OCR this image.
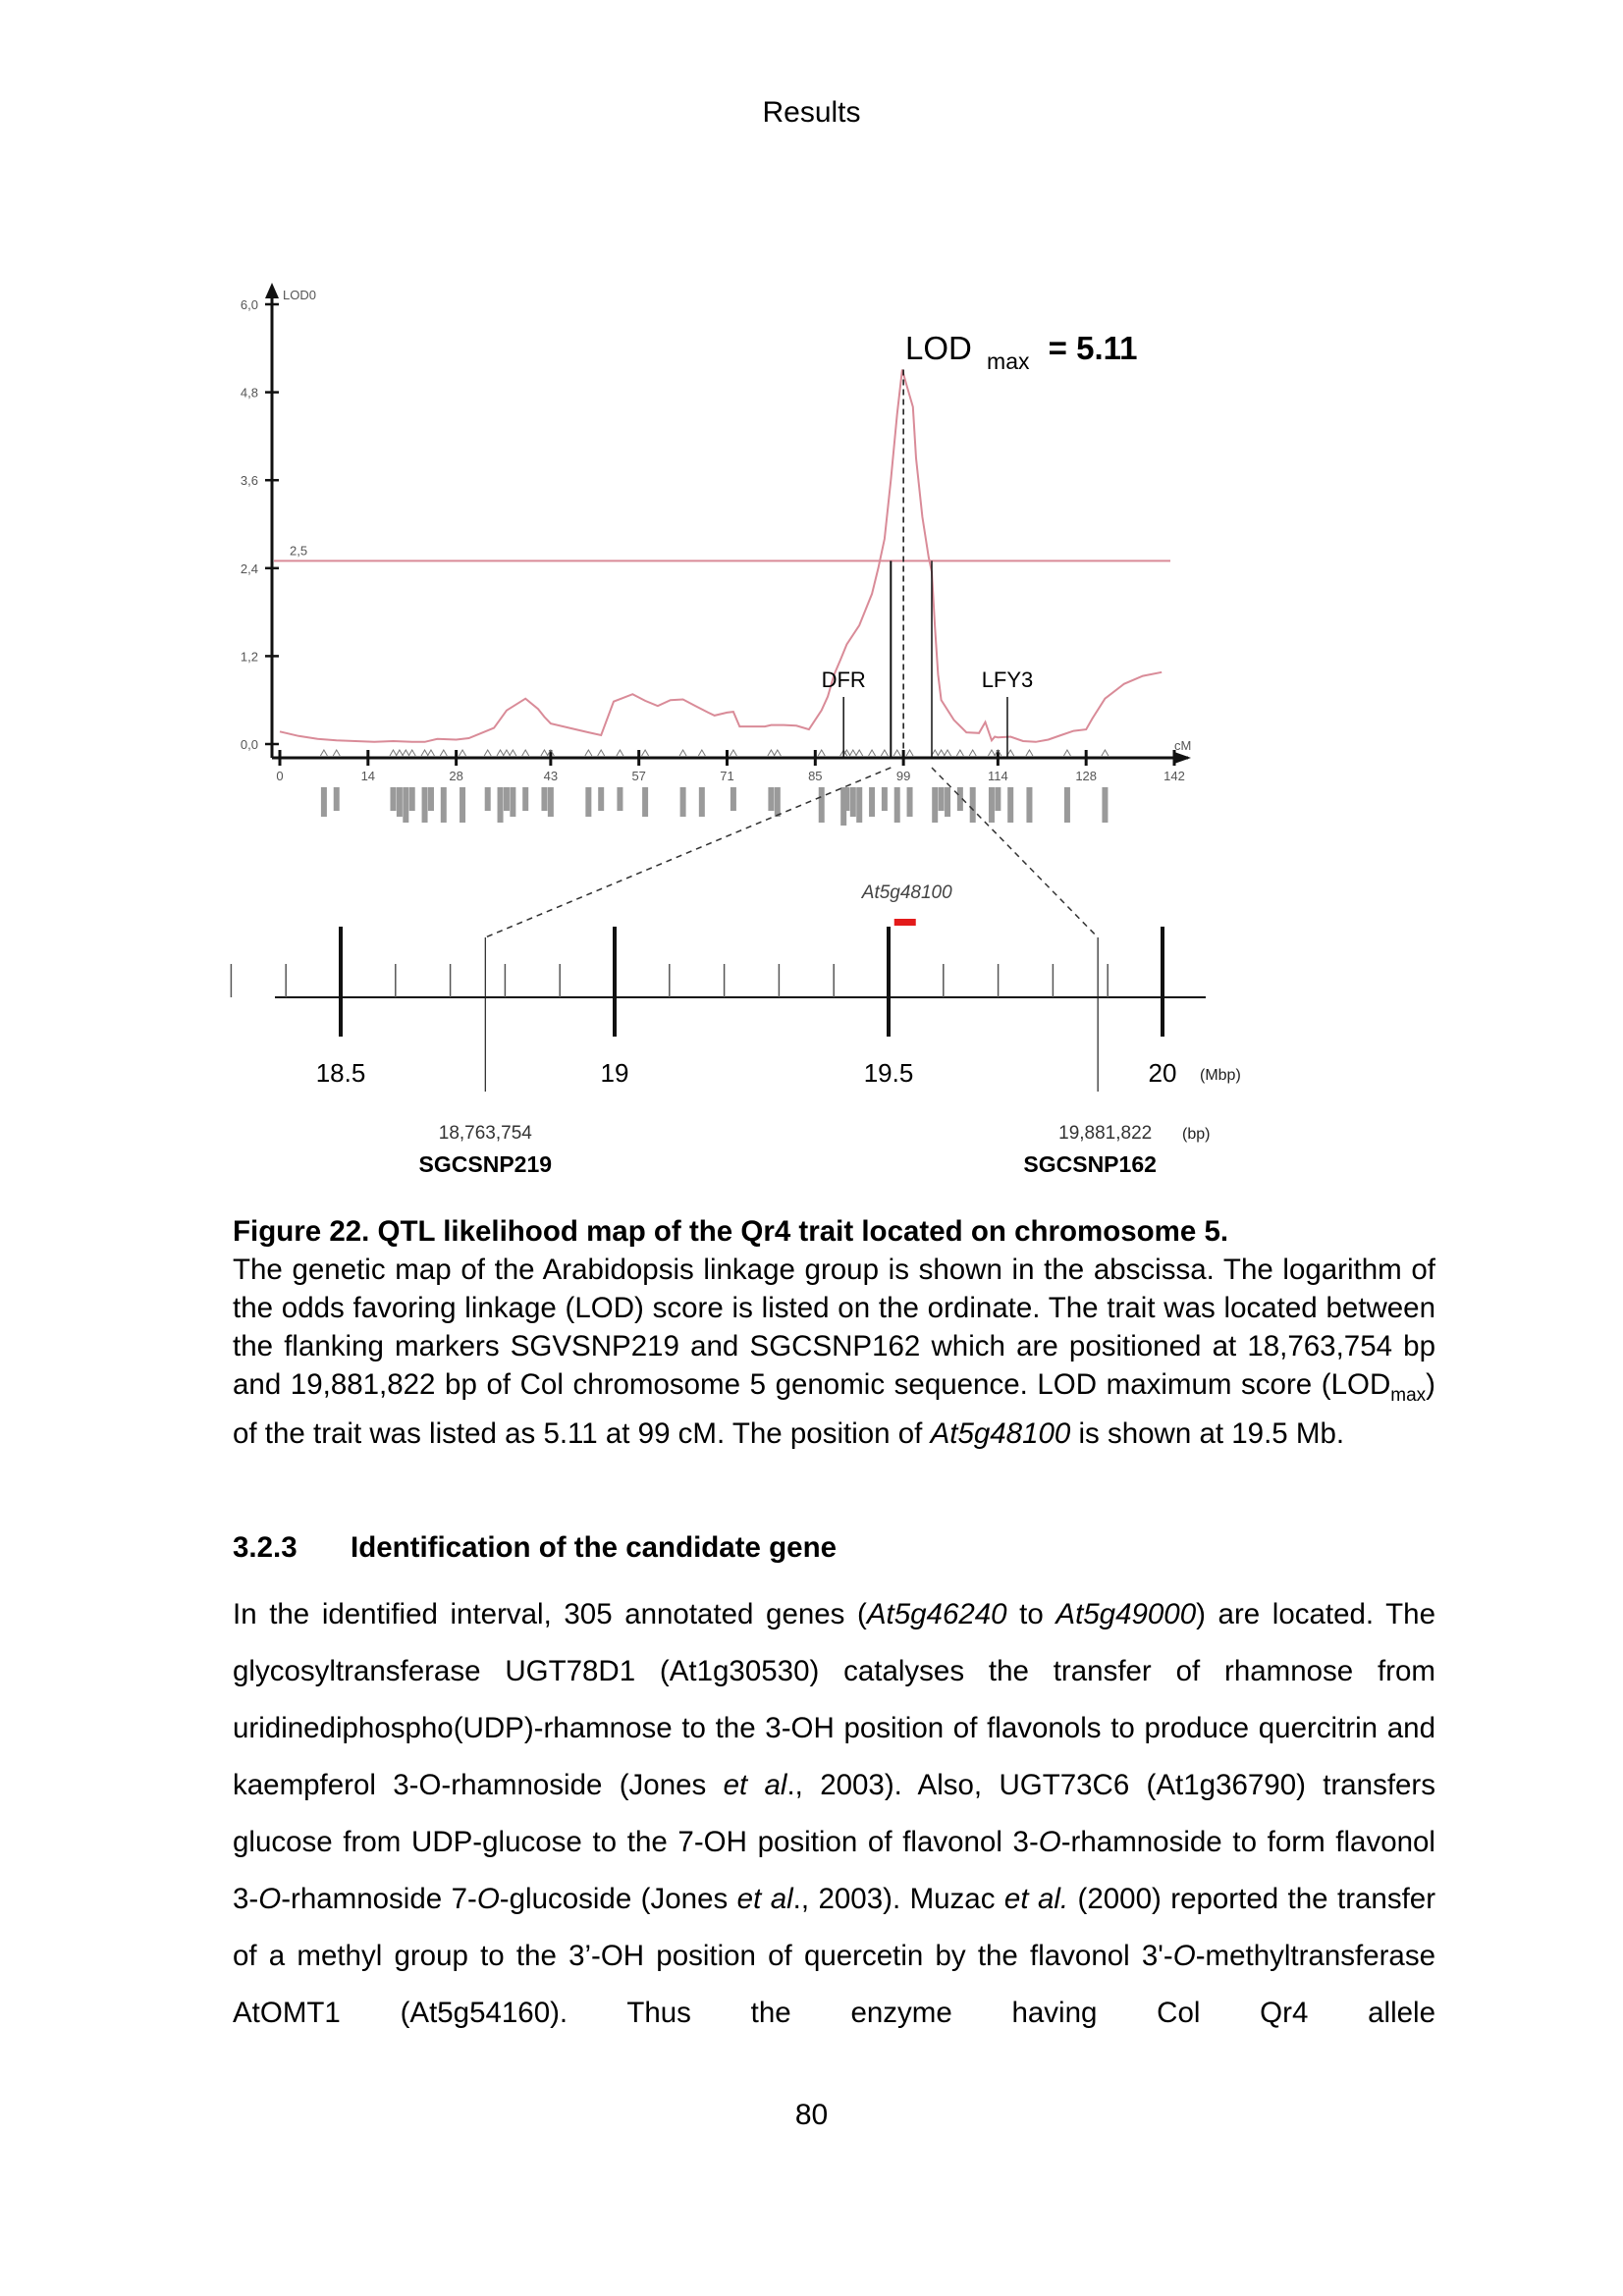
Results
LOD0
0,0
1,2
2,4
3,6
4,8
6,0
cM
0	14	28	43	57	71	85	99	114	128	142
2,5
DFR	LFY3
LOD $_{max}$ = 5.11
18.5	19	19.5	20 (Mbp)
At5g48100
18,763,754
SGCSNP219
19,881,822
SGCSNP162
(bp)
Figure 22. QTL likelihood map of the Qr4 trait located on chromosome 5.
The genetic map of the Arabidopsis linkage group is shown in the abscissa. The logarithm of the odds favoring linkage (LOD) score is listed on the ordinate. The trait was located between the flanking markers SGVSNP219 and SGCSNP162 which are positioned at 18,763,754 bp and 19,881,822 bp of Col chromosome 5 genomic sequence. LOD maximum score $(LOD_{max})$ of the trait was listed as 5.11 at 99 cM. The position of At5g48100 is shown at 19.5 Mb.
3.2.3 Identification of the candidate gene
In the identified interval, 305 annotated genes (At5g46240 to At5g49000) are located. The glycosyltransferase UGT78D1 (At1g30530) catalyses the transfer of rhamnose from uridinediphospho(UDP)-rhamnose to the 3-OH position of flavonols to produce quercitrin and kaempferol 3-O-rhamnoside (Jones et al., 2003). Also, UGT73C6 (At1g36790) transfers glucose from UDP-glucose to the 7-OH position of flavonol 3-O-rhamnoside to form flavonol 3-O-rhamnoside 7-O-glucoside (Jones et al., 2003). Muzac et al. (2000) reported the transfer of a methyl group to the 3’-OH position of quercetin by the flavonol 3'-O-methyltransferase AtOMT1 (At5g54160). Thus the enzyme having Col Qr4 allele
80
